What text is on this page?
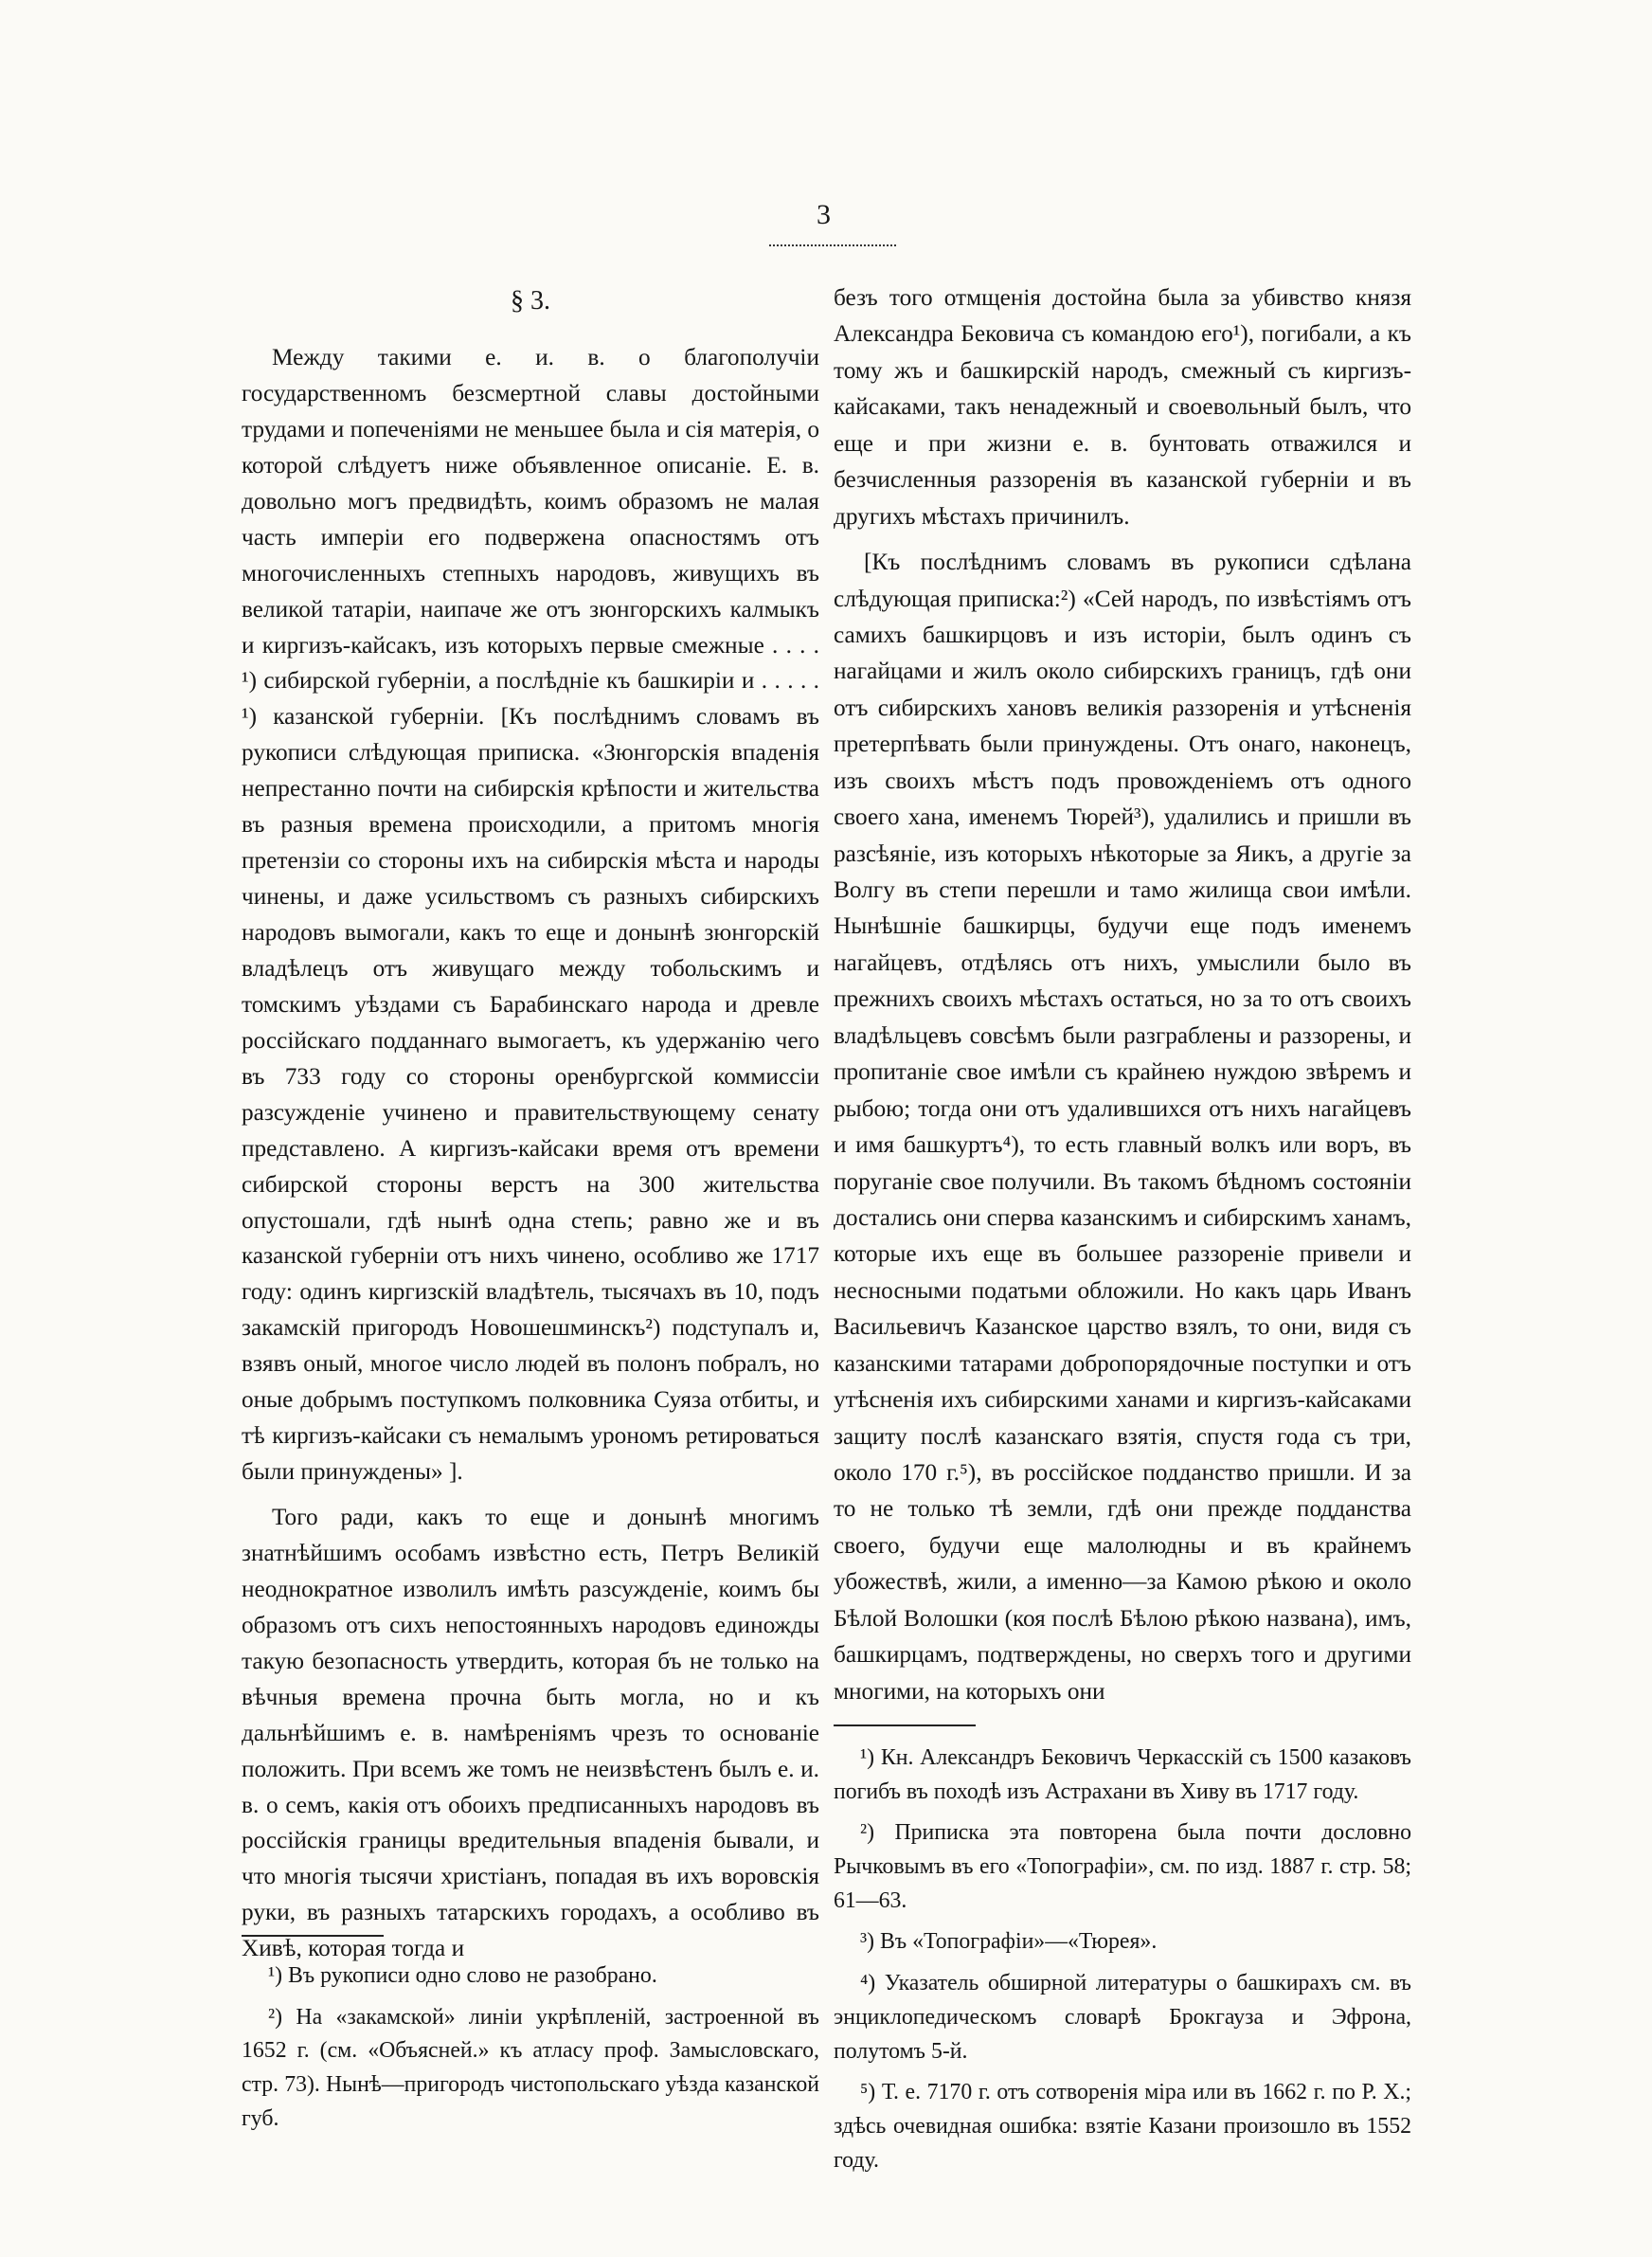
3
§ 3.

Между такими е. и. в. о благополучіи государственномъ безсмертной славы достойными трудами и попеченіями не меньшее была и сія матерія, о которой слѣдуетъ ниже объявленное описаніе. Е. в. довольно могъ предвидѣть, коимъ образомъ не малая часть имперіи его подвержена опасностямъ отъ многочисленныхъ степныхъ народовъ, живущихъ въ великой татаріи, наипаче же отъ зюнгорскихъ калмыкъ и киргизъ-кайсакъ, изъ которыхъ первые смежные . . . . ¹) сибирской губерніи, а послѣдніе къ башкиріи и . . . . . ¹) казанской губерніи. [Къ послѣднимъ словамъ въ рукописи слѣдующая приписка. «Зюнгорскія впаденія непрестанно почти на сибирскія крѣпости и жительства въ разныя времена происходили, а притомъ многія претензіи со стороны ихъ на сибирскія мѣста и народы чинены, и даже усильствомъ съ разныхъ сибирскихъ народовъ вымогали, какъ то еще и донынѣ зюнгорскій владѣлецъ отъ живущаго между тобольскимъ и томскимъ уѣздами съ Барабинскаго народа и древле россійскаго подданнаго вымогаетъ, къ удержанію чего въ 733 году со стороны оренбургской коммиссіи разсужденіе учинено и правительствующему сенату представлено. А киргизъ-кайсаки время отъ времени сибирской стороны верстъ на 300 жительства опустошали, гдѣ нынѣ одна степь; равно же и въ казанской губерніи отъ нихъ чинено, особливо же 1717 году: одинъ киргизскій владѣтель, тысячахъ въ 10, подъ закамскій пригородъ Новошешминскъ²) подступалъ и, взявъ оный, многое число людей въ полонъ побралъ, но оные добрымъ поступкомъ полковника Суяза отбиты, и тѣ киргизъ-кайсаки съ немалымъ урономъ ретироваться были принуждены» ].

Того ради, какъ то еще и донынѣ многимъ знатнѣйшимъ особамъ извѣстно есть, Петръ Великій неоднократное изволилъ имѣть разсужденіе, коимъ бы образомъ отъ сихъ непостоянныхъ народовъ единожды такую безопасность утвердить, которая бъ не только на вѣчныя времена прочна быть могла, но и къ дальнѣйшимъ е. в. намѣреніямъ чрезъ то основаніе положить. При всемъ же томъ не неизвѣстенъ былъ е. и. в. о семъ, какія отъ обоихъ предписанныхъ народовъ въ россійскія границы вредительныя впаденія бывали, и что многія тысячи христіанъ, попадая въ ихъ воровскія руки, въ разныхъ татарскихъ городахъ, а особливо въ Хивѣ, которая тогда и

безъ того отмщенія достойна была за убивство князя Александра Бековича съ командою его¹), погибали, а къ тому жъ и башкирскій народъ, смежный съ киргизъ-кайсаками, такъ ненадежный и своевольный былъ, что еще и при жизни е. в. бунтовать отважился и безчисленныя раззоренія въ казанской губерніи и въ другихъ мѣстахъ причинилъ.

[Къ послѣднимъ словамъ въ рукописи сдѣлана слѣдующая приписка:²) «Сей народъ, по извѣстіямъ отъ самихъ башкирцовъ и изъ исторіи, былъ одинъ съ нагайцами и жилъ около сибирскихъ границъ, гдѣ они отъ сибирскихъ хановъ великія раззоренія и утѣсненія претерпѣвать были принуждены. Отъ онаго, наконецъ, изъ своихъ мѣстъ подъ провожденіемъ отъ одного своего хана, именемъ Тюрей³), удалились и пришли въ разсѣяніе, изъ которыхъ нѣкоторые за Яикъ, а другіе за Волгу въ степи перешли и тамо жилища свои имѣли. Нынѣшніе башкирцы, будучи еще подъ именемъ нагайцевъ, отдѣлясь отъ нихъ, умыслили было въ прежнихъ своихъ мѣстахъ остаться, но за то отъ своихъ владѣльцевъ совсѣмъ были разграблены и раззорены, и пропитаніе свое имѣли съ крайнею нуждою звѣремъ и рыбою; тогда они отъ удалившихся отъ нихъ нагайцевъ и имя башкуртъ⁴), то есть главный волкъ или воръ, въ поруганіе свое получили. Въ такомъ бѣдномъ состояніи достались они сперва казанскимъ и сибирскимъ ханамъ, которые ихъ еще въ большее раззореніе привели и несносными податьми обложили. Но какъ царь Иванъ Васильевичъ Казанское царство взялъ, то они, видя съ казанскими татарами добропорядочные поступки и отъ утѣсненія ихъ сибирскими ханами и киргизъ-кайсаками защиту послѣ казанскаго взятія, спустя года съ три, около 170 г.⁵), въ россійское подданство пришли. И за то не только тѣ земли, гдѣ они прежде подданства своего, будучи еще малолюдны и въ крайнемъ убожествѣ, жили, а именно—за Камою рѣкою и около Бѣлой Волошки (коя послѣ Бѣлою рѣкою названа), имъ, башкирцамъ, подтверждены, но сверхъ того и другими многими, на которыхъ они

¹) Въ рукописи одно слово не разобрано.

²) На «закамской» линіи укрѣпленій, застроенной въ 1652 г. (см. «Объясней.» къ атласу проф. Замысловскаго, стр. 73). Нынѣ—пригородъ чистопольскаго уѣзда казанской губ.

¹) Кн. Александръ Бековичъ Черкасскій съ 1500 казаковъ погибъ въ походѣ изъ Астрахани въ Хиву въ 1717 году.

²) Приписка эта повторена была почти дословно Рычковымъ въ его «Топографіи», см. по изд. 1887 г. стр. 58; 61—63.

³) Въ «Топографіи»—«Тюрея».

⁴) Указатель обширной литературы о башкирахъ см. въ энциклопедическомъ словарѣ Брокгауза и Эфрона, полутомъ 5-й.

⁵) Т. е. 7170 г. отъ сотворенія міра или въ 1662 г. по Р. Х.; здѣсь очевидная ошибка: взятіе Казани произошло въ 1552 году.
